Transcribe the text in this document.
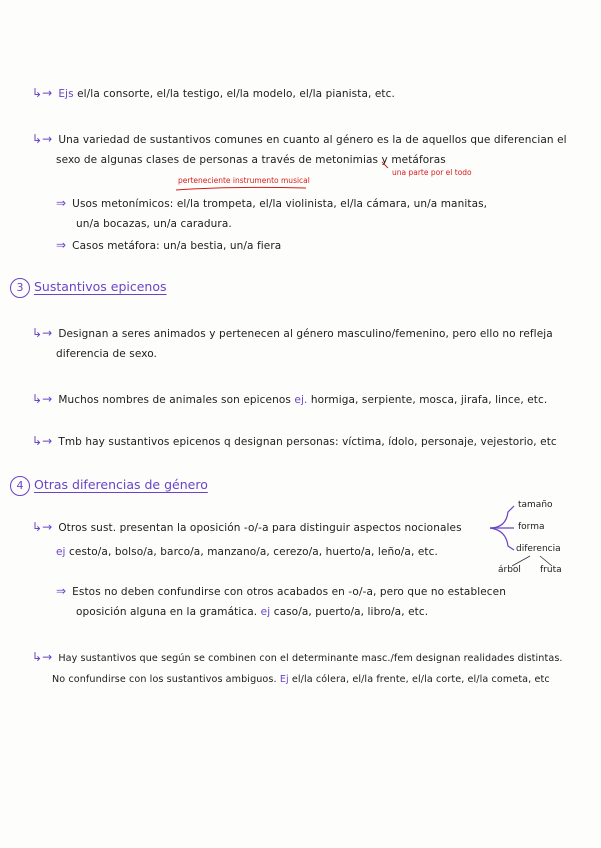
↳→ Ejs el/la consorte, el/la testigo, el/la modelo, el/la pianista, etc.
↳→ Una variedad de sustantivos comunes en cuanto al género es la de aquellos que diferencian el
sexo de algunas clases de personas a través de metonimias y metáforas
una parte por el todo
perteneciente instrumento musical
⇒ Usos metonímicos: el/la trompeta, el/la violinista, el/la cámara, un/a manitas,
un/a bocazas, un/a caradura.
⇒ Casos metáfora: un/a bestia, un/a fiera
3 Sustantivos epicenos
↳→ Designan a seres animados y pertenecen al género masculino/femenino, pero ello no refleja
diferencia de sexo.
↳→ Muchos nombres de animales son epicenos ej. hormiga, serpiente, mosca, jirafa, lince, etc.
↳→ Tmb hay sustantivos epicenos q designan personas: víctima, ídolo, personaje, vejestorio, etc
4 Otras diferencias de género
↳→ Otros sust. presentan la oposición -o/-a para distinguir aspectos nocionales
ej cesto/a, bolso/a, barco/a, manzano/a, cerezo/a, huerto/a, leño/a, etc.
tamaño
forma
diferencia
árbol fruta
⇒ Estos no deben confundirse con otros acabados en -o/-a, pero que no establecen
oposición alguna en la gramática. ej caso/a, puerto/a, libro/a, etc.
↳→ Hay sustantivos que según se combinen con el determinante masc./fem designan realidades distintas.
No confundirse con los sustantivos ambiguos. Ej el/la cólera, el/la frente, el/la corte, el/la cometa, etc
